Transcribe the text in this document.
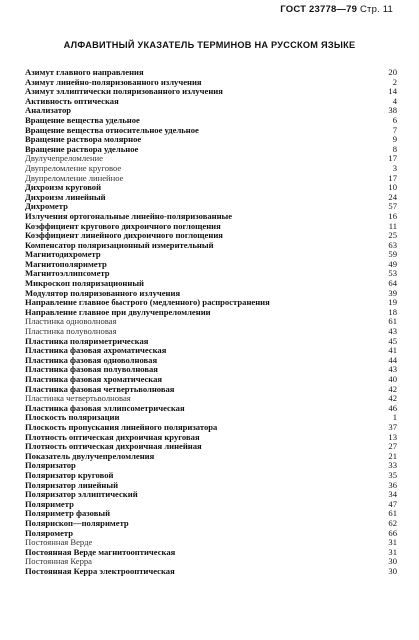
ГОСТ 23778—79 Стр. 11
АЛФАВИТНЫЙ УКАЗАТЕЛЬ ТЕРМИНОВ НА РУССКОМ ЯЗЫКЕ
Азимут главного направления	20
Азимут линейно-поляризованного излучения	2
Азимут эллиптически поляризованного излучения	14
Активность оптическая	4
Анализатор	38
Вращение вещества удельное	6
Вращение вещества относительное удельное	7
Вращение раствора молярное	9
Вращение раствора удельное	8
Двулучепреломление	17
Двупреломление круговое	3
Двупреломление линейное	17
Дихроизм круговой	10
Дихроизм линейный	24
Дихрометр	57
Излучения ортогональные линейно-поляризованные	16
Коэффициент кругового дихроичного поглощения	11
Коэффициент линейного дихроичного поглощения	25
Компенсатор поляризационный измерительный	63
Магнитодихрометр	59
Магнитополяриметр	49
Магнитоэллипсометр	53
Микроскоп поляризационный	64
Модулятор поляризованного излучения	39
Направление главное быстрого (медленного) распространения	19
Направление главное при двулучепреломлении	18
Пластинка одноволновая	61
Пластинка полуволновая	43
Пластинка поляриметрическая	45
Пластинка фазовая ахроматическая	41
Пластинка фазовая одноволновая	44
Пластинка фазовая полуволновая	43
Пластинка фазовая хроматическая	40
Пластинка фазовая четвертьволновая	42
Пластинка четвертьволновая	42
Пластинка фазовая эллипсометрическая	46
Плоскость поляризации	1
Плоскость пропускания линейного поляризатора	37
Плотность оптическая дихроичная круговая	13
Плотность оптическая дихроичная линейная	27
Показатель двулучепреломления	21
Поляризатор	33
Поляризатор круговой	35
Поляризатор линейный	36
Поляризатор эллиптический	34
Поляриметр	47
Поляриметр фазовый	61
Полярископ—поляриметр	62
Полярометр	66
Постоянная Верде	31
Постоянная Верде магнитооптическая	31
Постоянная Керра	30
Постоянная Керра электрооптическая	30
